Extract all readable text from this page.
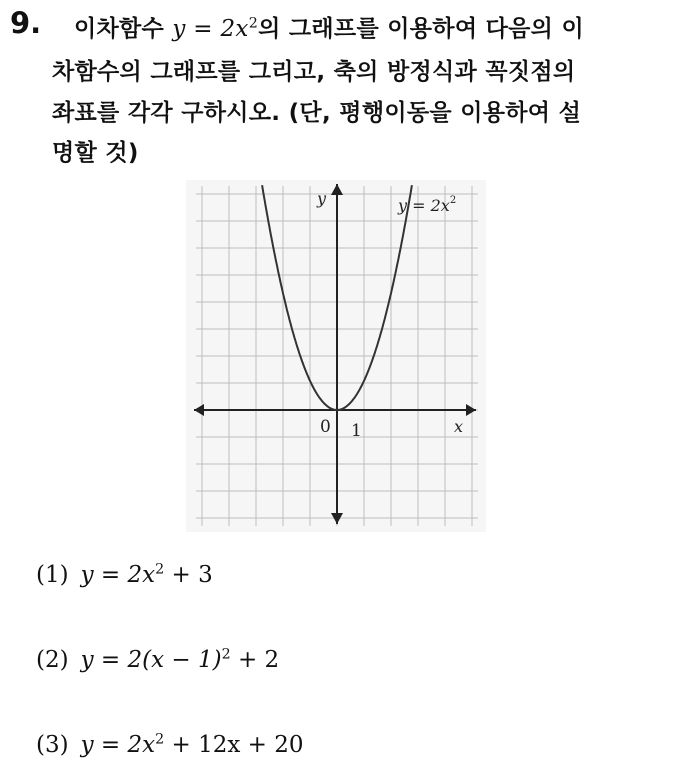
9. 이차함수 $y = 2x^2$의 그래프를 이용하여 다음의 이
차함수의 그래프를 그리고, 축의 방정식과 꼭짓점의
좌표를 각각 구하시오. (단, 평행이동을 이용하여 설
명할 것)
$y = 2x^2$
y
x
0 1
(1) $y = 2x^2 + 3$
(2) $y = 2(x - 1)^2 + 2$
(3) $y = 2x^2 + 12x + 20$
